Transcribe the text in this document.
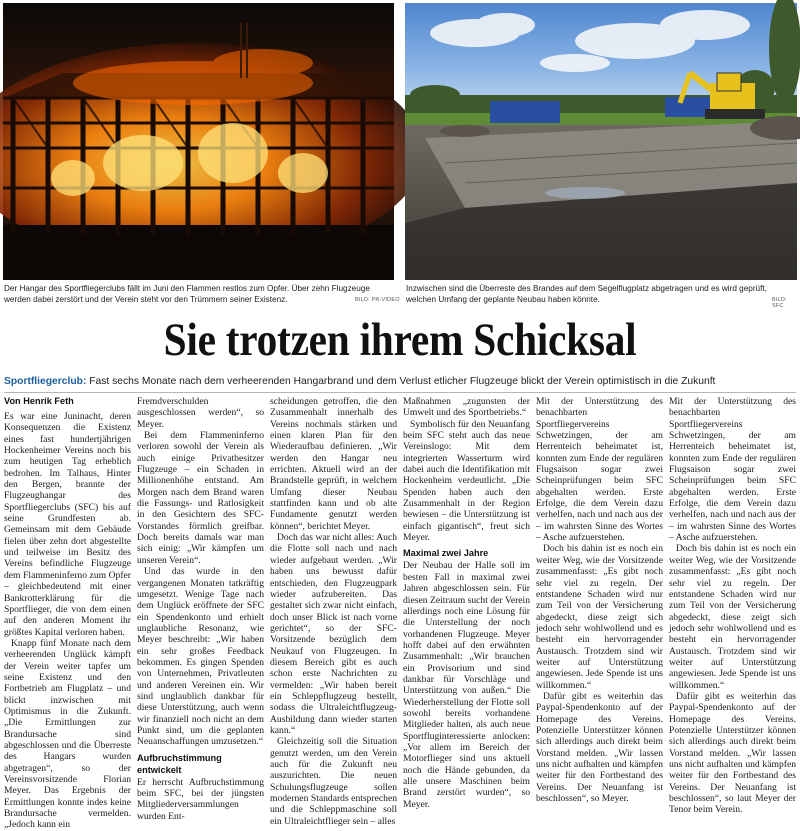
Der Hangar des Sportfliegerclubs fällt im Juni den Flammen restlos zum Opfer. Über zehn Flugzeuge werden dabei zerstört und der Verein steht vor den Trümmern seiner Existenz.	BILD: PR-VIDEO
Inzwischen sind die Überreste des Brandes auf dem Segelflugplatz abgetragen und es wird geprüft, welchen Umfang der geplante Neubau haben könnte.	BILD: SFC
Sie trotzen ihrem Schicksal
Sportfliegerclub: Fast sechs Monate nach dem verheerenden Hangarbrand und dem Verlust etlicher Flugzeuge blickt der Verein optimistisch in die Zukunft
Von Henrik Feth

Es war eine Juninacht, deren Konsequenzen die Existenz eines fast hundertjährigen Hockenheimer Vereins noch bis zum heutigen Tag erheblich bedrohen. Im Talhaus, Hinter den Bergen, brannte der Flugzeughangar des Sportfliegerclubs (SFC) bis auf seine Grundfesten ab. Gemeinsam mit dem Gebäude fielen über zehn dort abgestellte und teilweise im Besitz des Vereins befindliche Flugzeuge dem Flammeninferno zum Opfer – gleichbedeutend mit einer Bankrotterklärung für die Sportflieger, die von dem einen auf den anderen Moment ihr größtes Kapital verloren haben.

Knapp fünf Monate nach dem verheerenden Unglück kämpft der Verein weiter tapfer um seine Existenz und den Fortbetrieb am Flugplatz – und blickt inzwischen mit Optimismus in die Zukunft. „Die Ermittlungen zur Brandursache sind abgeschlossen und die Überreste des Hangars wurden abgetragen“, so der Vereinsvorsitzende Florian Meyer. Das Ergebnis der Ermittlungen konnte indes keine Brandursache vermelden. „Jedoch kann ein

Fremdverschulden ausgeschlossen werden“, so Meyer.

Bei dem Flammeninferno verloren sowohl der Verein als auch einige Privatbesitzer Flugzeuge – ein Schaden in Millionenhöhe entstand. Am Morgen nach dem Brand waren die Fassungs- und Ratlosigkeit in den Gesichtern des SFC-Vorstandes förmlich greifbar. Doch bereits damals war man sich einig: „Wir kämpfen um unseren Verein“.

Und das wurde in den vergangenen Monaten tatkräftig umgesetzt. Wenige Tage nach dem Unglück eröffnete der SFC ein Spendenkonto und erhielt unglaubliche Resonanz, wie Meyer beschreibt: „Wir haben ein sehr großes Feedback bekommen. Es gingen Spenden von Unternehmen, Privatleuten und anderen Vereinen ein. Wir sind unglaublich dankbar für diese Unterstützung, auch wenn wir finanziell noch nicht an dem Punkt sind, um die geplanten Neuanschaffungen umzusetzen.“

Aufbruchstimmung entwickelt

Er herrscht Aufbruchstimmung beim SFC, bei der jüngsten Mitgliederversammlungen wurden Ent-

scheidungen getroffen, die den Zusammenhalt innerhalb des Vereins nochmals stärken und einen klaren Plan für den Wiederaufbau definieren. „Wir werden den Hangar neu errichten. Aktuell wird an der Brandstelle geprüft, in welchem Umfang dieser Neubau stattfinden kann und ob alte Fundamente genutzt werden können“, berichtet Meyer.

Doch das war nicht alles: Auch die Flotte soll nach und nach wieder aufgebaut werden. „Wir haben uns bewusst dafür entschieden, den Flugzeugpark wieder aufzubereiten. Das gestaltet sich zwar nicht einfach, doch unser Blick ist nach vorne gerichtet“, so der SFC-Vorsitzende bezüglich dem Neukauf von Flugzeugen. In diesem Bereich gibt es auch schon erste Nachrichten zu vermelden: „Wir haben bereit ein Schleppflugzeug bestellt, sodass die Ultraleichtflugzeug-Ausbildung dann wieder starten kann.“

Gleichzeitig soll die Situation genutzt werden, um den Verein auch für die Zukunft neu auszurichten. Die neuen Schulungsflugzeuge sollen modernen Standards entsprechen und die Schleppmaschine soll ein Ultraleichtflieger sein – alles

Maßnahmen „zugunsten der Umwelt und des Sportbetriebs.“

Symbolisch für den Neuanfang beim SFC steht auch das neue Vereinslogo: Mit dem integrierten Wasserturm wird dabei auch die Identifikation mit Hockenheim verdeutlicht. „Die Spenden haben auch den Zusammenhalt in der Region bewiesen – die Unterstützung ist einfach gigantisch“, freut sich Meyer.

Maximal zwei Jahre

Der Neubau der Halle soll im besten Fall in maximal zwei Jahren abgeschlossen sein. Für diesen Zeitraum sucht der Verein allerdings noch eine Lösung für die Unterstellung der noch vorhandenen Flugzeuge. Meyer hofft dabei auf den erwähnten Zusammenhalt: „Wir brauchen ein Provisorium und sind dankbar für Vorschläge und Unterstützung von außen.“ Die Wiederherstellung der Flotte soll sowohl bereits vorhandene Mitglieder halten, als auch neue Sportfluginteressierte anlocken: „Vor allem im Bereich der Motorflieger sind uns aktuell noch die Hände gebunden, da alle unsere Maschinen beim Brand zerstört wurden“, so Meyer.

Mit der Unterstützung des benachbarten Sportfliegervereins Schwetzingen, der am Herrenteich beheimatet ist, konnten zum Ende der regulären Flugsaison sogar zwei Scheinprüfungen beim SFC abgehalten werden. Erste Erfolge, die dem Verein dazu verhelfen, nach und nach aus der – im wahrsten Sinne des Wortes – Asche aufzuerstehen.

Doch bis dahin ist es noch ein weiter Weg, wie der Vorsitzende zusammenfasst: „Es gibt noch sehr viel zu regeln. Der entstandene Schaden wird nur zum Teil von der Versicherung abgedeckt, diese zeigt sich jedoch sehr wohlwollend und es besteht ein hervorragender Austausch. Trotzdem sind wir weiter auf Unterstützung angewiesen. Jede Spende ist uns willkommen.“

Dafür gibt es weiterhin das Paypal-Spendenkonto auf der Homepage des Vereins. Potenzielle Unterstützer können sich allerdings auch direkt beim Vorstand melden. „Wir lassen uns nicht aufhalten und kämpfen weiter für den Fortbestand des Vereins. Der Neuanfang ist beschlossen“, so Meyer.

Mit der Unterstützung des benachbarten Sportfliegervereins Schwetzingen, der am Herrenteich beheimatet ist, konnten zum Ende der regulären Flugsaison sogar zwei Scheinprüfungen beim SFC abgehalten werden. Erste Erfolge, die dem Verein dazu verhelfen, nach und nach aus der – im wahrsten Sinne des Wortes – Asche aufzuerstehen.

Doch bis dahin ist es noch ein weiter Weg, wie der Vorsitzende zusammenfasst: „Es gibt noch sehr viel zu regeln. Der entstandene Schaden wird nur zum Teil von der Versicherung abgedeckt, diese zeigt sich jedoch sehr wohlwollend und es besteht ein hervorragender Austausch. Trotzdem sind wir weiter auf Unterstützung angewiesen. Jede Spende ist uns willkommen.“

Dafür gibt es weiterhin das Paypal-Spendenkonto auf der Homepage des Vereins. Potenzielle Unterstützer können sich allerdings auch direkt beim Vorstand melden. „Wir lassen uns nicht aufhalten und kämpfen weiter für den Fortbestand des Vereins. Der Neuanfang ist beschlossen“, so laut Meyer der Tenor beim Verein.
